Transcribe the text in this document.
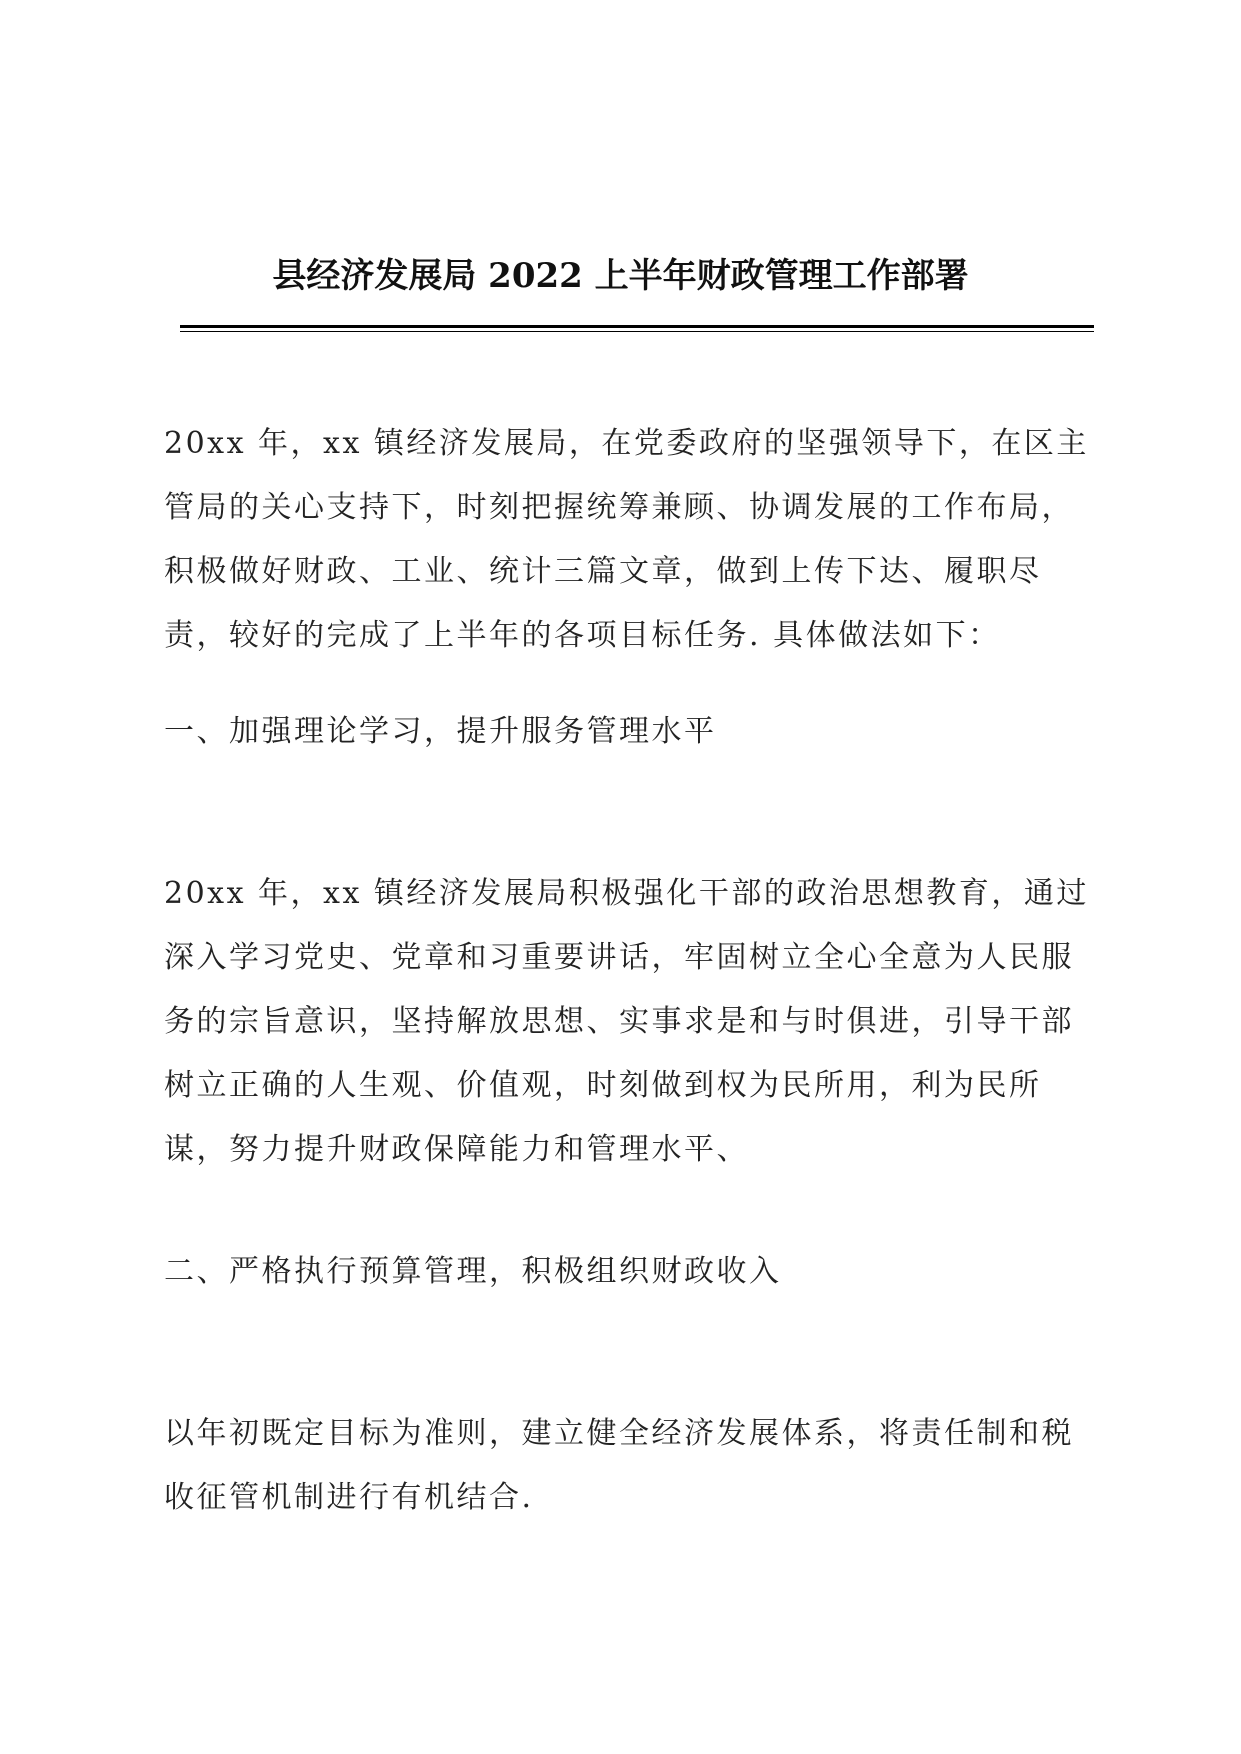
县经济发展局 2022 上半年财政管理工作部署
20xx 年，xx 镇经济发展局，在党委政府的坚强领导下，在区主
管局的关心支持下，时刻把握统筹兼顾、协调发展的工作布局，
积极做好财政、工业、统计三篇文章，做到上传下达、履职尽
责，较好的完成了上半年的各项目标任务. 具体做法如下：
一、加强理论学习，提升服务管理水平
20xx 年，xx 镇经济发展局积极强化干部的政治思想教育，通过
深入学习党史、党章和习重要讲话，牢固树立全心全意为人民服
务的宗旨意识，坚持解放思想、实事求是和与时俱进，引导干部
树立正确的人生观、价值观，时刻做到权为民所用，利为民所
谋，努力提升财政保障能力和管理水平、
二、严格执行预算管理，积极组织财政收入
以年初既定目标为准则，建立健全经济发展体系，将责任制和税
收征管机制进行有机结合.
